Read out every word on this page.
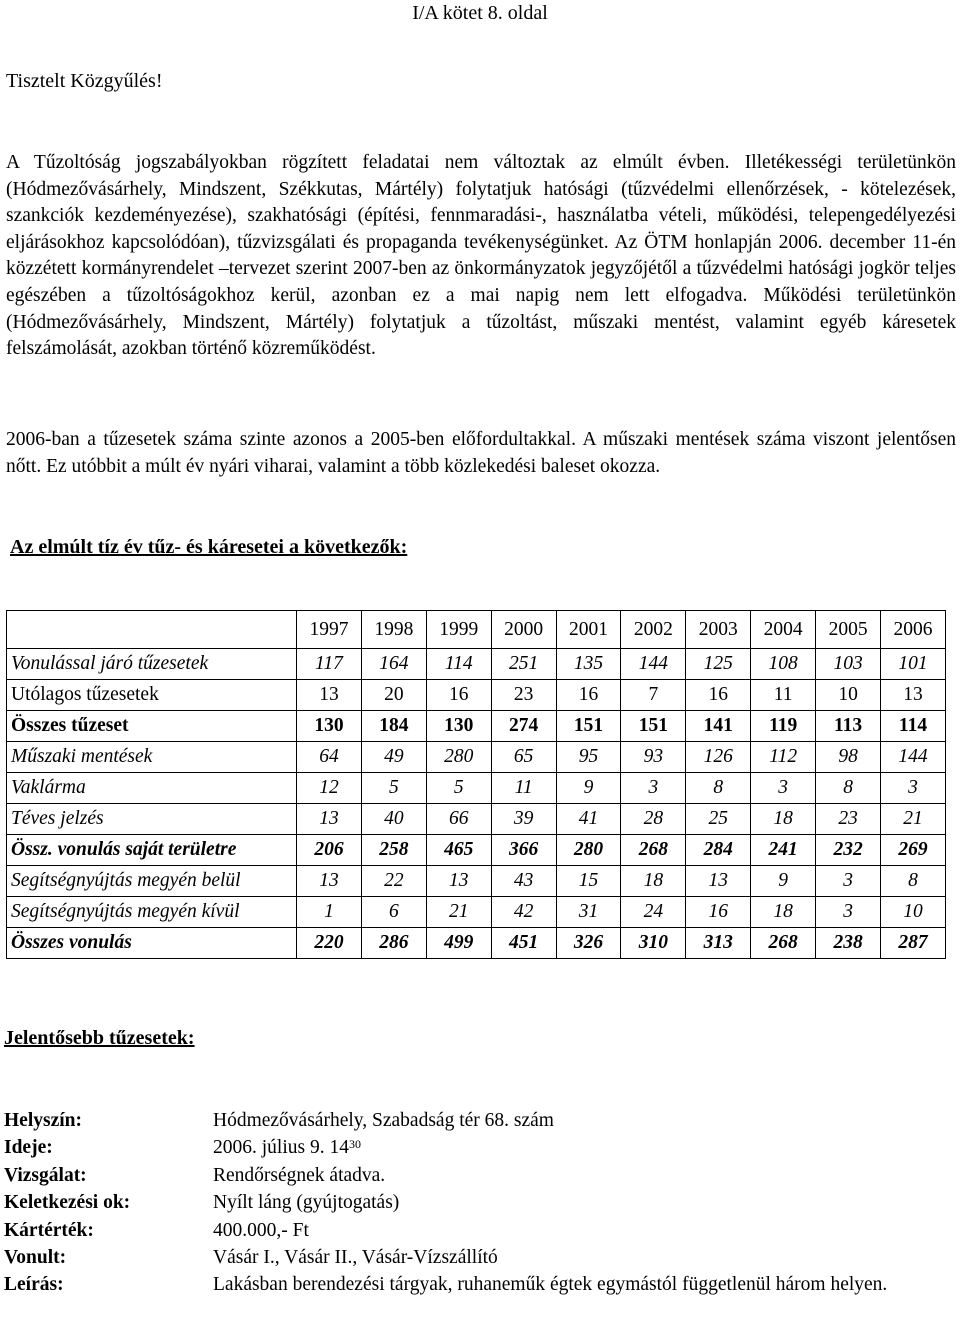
I/A kötet 8. oldal
Tisztelt Közgyűlés!
A Tűzoltóság jogszabályokban rögzített feladatai nem változtak az elmúlt évben. Illetékességi területünkön (Hódmezővásárhely, Mindszent, Székkutas, Mártély) folytatjuk hatósági (tűzvédelmi ellenőrzések, - kötelezések, szankciók kezdeményezése), szakhatósági (építési, fennmaradási-, használatba vételi, működési, telepengedélyezési eljárásokhoz kapcsolódóan), tűzvizsgálati és propaganda tevékenységünket. Az ÖTM honlapján 2006. december 11-én közzétett kormányrendelet –tervezet szerint 2007-ben az önkormányzatok jegyzőjétől a tűzvédelmi hatósági jogkör teljes egészében a tűzoltóságokhoz kerül, azonban ez a mai napig nem lett elfogadva. Működési területünkön (Hódmezővásárhely, Mindszent, Mártély) folytatjuk a tűzoltást, műszaki mentést, valamint egyéb káresetek felszámolását, azokban történő közreműködést.
2006-ban a tűzesetek száma szinte azonos a 2005-ben előfordultakkal. A műszaki mentések száma viszont jelentősen nőtt. Ez utóbbit a múlt év nyári viharai, valamint a több közlekedési baleset okozza.
Az elmúlt tíz év tűz- és káresetei a következők:
	1997	1998	1999	2000	2001	2002	2003	2004	2005	2006
Vonulással járó tűzesetek	117	164	114	251	135	144	125	108	103	101
Utólagos tűzesetek	13	20	16	23	16	7	16	11	10	13
Összes tűzeset	130	184	130	274	151	151	141	119	113	114
Műszaki mentések	64	49	280	65	95	93	126	112	98	144
Vaklárma	12	5	5	11	9	3	8	3	8	3
Téves jelzés	13	40	66	39	41	28	25	18	23	21
Össz. vonulás saját területre	206	258	465	366	280	268	284	241	232	269
Segítségnyújtás megyén belül	13	22	13	43	15	18	13	9	3	8
Segítségnyújtás megyén kívül	1	6	21	42	31	24	16	18	3	10
Összes vonulás	220	286	499	451	326	310	313	268	238	287
Jelentősebb tűzesetek:
Helyszín:	Hódmezővásárhely, Szabadság tér 68. szám
Ideje:	2006. július 9. $14^{30}$
Vizsgálat:	Rendőrségnek átadva.
Keletkezési ok:	Nyílt láng (gyújtogatás)
Kártérték:	400.000,- Ft
Vonult:	Vásár I., Vásár II., Vásár-Vízszállító
Leírás:	Lakásban berendezési tárgyak, ruhaneműk égtek egymástól függetlenül három helyen.
